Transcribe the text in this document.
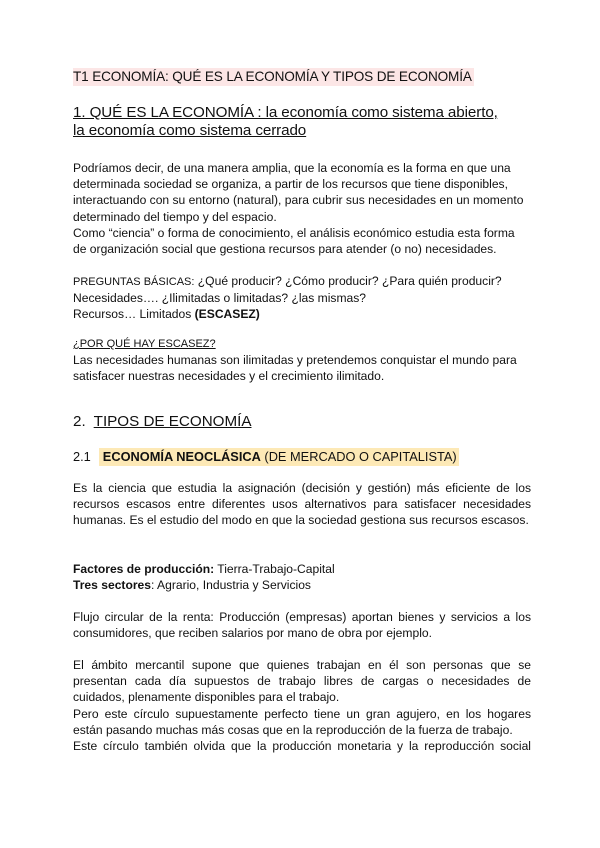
T1 ECONOMÍA: QUÉ ES LA ECONOMÍA Y TIPOS DE ECONOMÍA
1. QUÉ ES LA ECONOMÍA : la economía como sistema abierto,
la economía como sistema cerrado
Podríamos decir, de una manera amplia, que la economía es la forma en que una determinada sociedad se organiza, a partir de los recursos que tiene disponibles, interactuando con su entorno (natural), para cubrir sus necesidades en un momento determinado del tiempo y del espacio.
Como “ciencia” o forma de conocimiento, el análisis económico estudia esta forma de organización social que gestiona recursos para atender (o no) necesidades.
PREGUNTAS BÁSICAS: ¿Qué producir? ¿Cómo producir? ¿Para quién producir?Necesidades…. ¿Ilimitadas o limitadas? ¿las mismas?
Recursos… Limitados (ESCASEZ)
¿POR QUÉ HAY ESCASEZ?
Las necesidades humanas son ilimitadas y pretendemos conquistar el mundo para satisfacer nuestras necesidades y el crecimiento ilimitado.
2. TIPOS DE ECONOMÍA
2.1 ECONOMÍA NEOCLÁSICA (DE MERCADO O CAPITALISTA)
Es la ciencia que estudia la asignación (decisión y gestión) más eficiente de los recursos escasos entre diferentes usos alternativos para satisfacer necesidades humanas. Es el estudio del modo en que la sociedad gestiona sus recursos escasos.
Factores de producción: Tierra-Trabajo-Capital
Tres sectores: Agrario, Industria y Servicios
Flujo circular de la renta: Producción (empresas) aportan bienes y servicios a los consumidores, que reciben salarios por mano de obra por ejemplo.
El ámbito mercantil supone que quienes trabajan en él son personas que se presentan cada día supuestos de trabajo libres de cargas o necesidades de cuidados, plenamente disponibles para el trabajo.
Pero este círculo supuestamente perfecto tiene un gran agujero, en los hogares están pasando muchas más cosas que en la reproducción de la fuerza de trabajo.
Este círculo también olvida que la producción monetaria y la reproducción social
